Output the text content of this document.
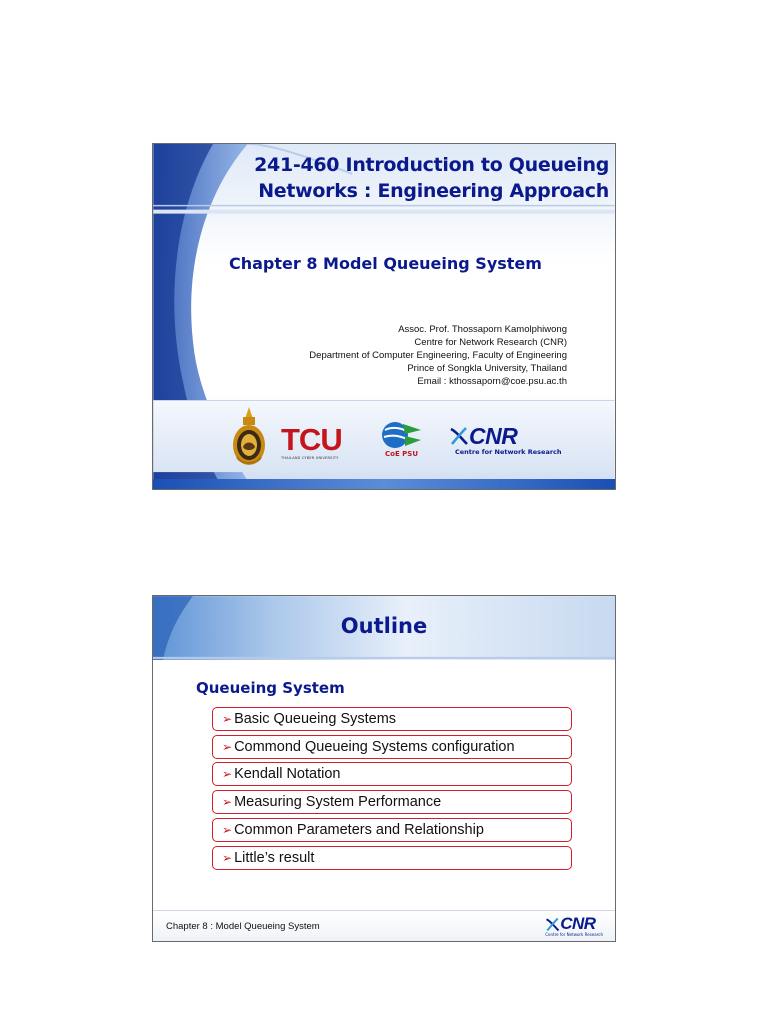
241-460 Introduction to Queueing
Networks : Engineering Approach
Chapter 8 Model Queueing System
Assoc. Prof. Thossaporn Kamolphiwong
Centre for Network Research (CNR)
Department of Computer Engineering, Faculty of Engineering
Prince of Songkla University, Thailand
Email : kthossaporn@coe.psu.ac.th
TCU
THAILAND CYBER UNIVERSITY	CoE PSU
CNR
Centre for Network Research
Outline
Queueing System
➢ Basic Queueing Systems
➢ Commond Queueing Systems configuration
➢ Kendall Notation
➢ Measuring System Performance
➢ Common Parameters and Relationship
➢ Little’s result
Chapter 8 : Model Queueing System	CNR
Centre for Network Research
